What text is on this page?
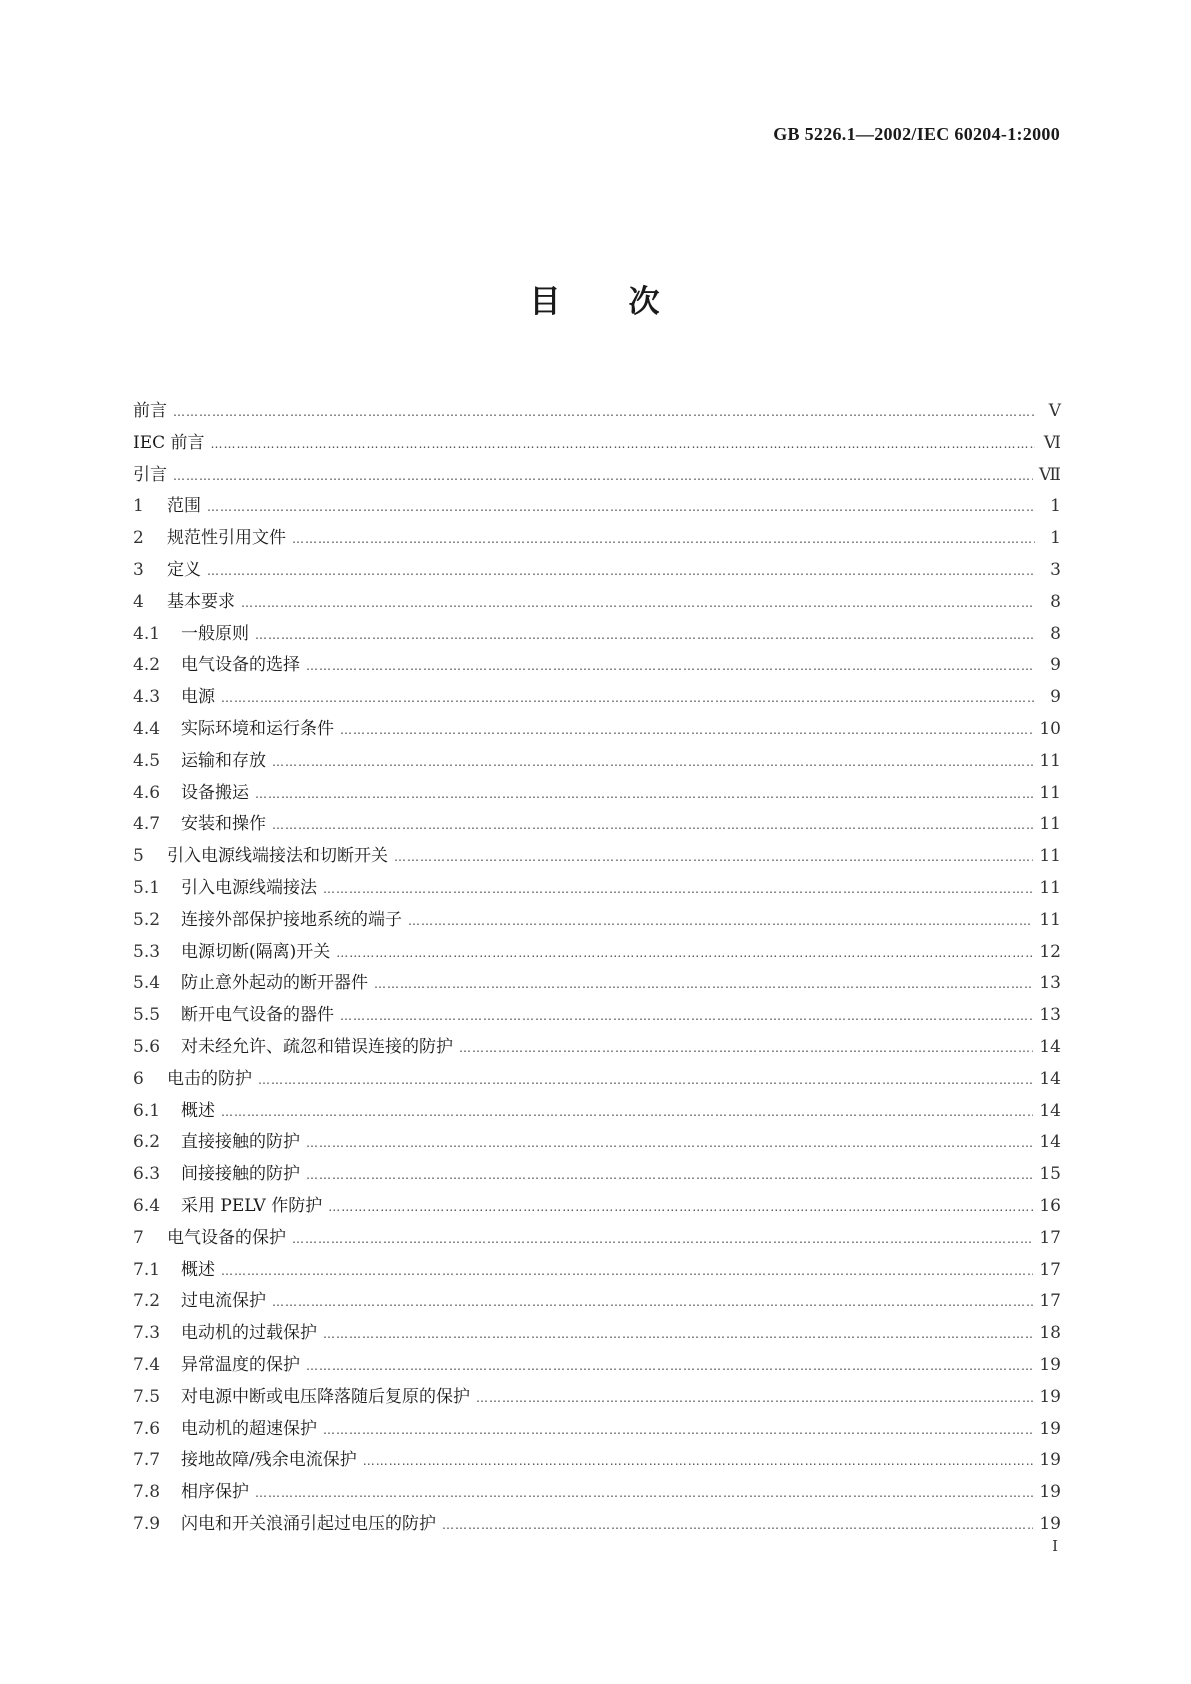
GB 5226.1—2002/IEC 60204-1:2000
目　　次
前言 …………………………………………………………………………………………………………………………………………………………………………………………………………	V
IEC 前言 …………………………………………………………………………………………………………………………………………………………………………………………………………	Ⅵ
引言 …………………………………………………………………………………………………………………………………………………………………………………………………………	Ⅶ
1	范围 …………………………………………………………………………………………………………………………………………………………………………………………………………	1
2	规范性引用文件 …………………………………………………………………………………………………………………………………………………………………………………………………………	1
3	定义 …………………………………………………………………………………………………………………………………………………………………………………………………………	3
4	基本要求 …………………………………………………………………………………………………………………………………………………………………………………………………………	8
4.1	一般原则 …………………………………………………………………………………………………………………………………………………………………………………………………………	8
4.2	电气设备的选择 …………………………………………………………………………………………………………………………………………………………………………………………………………	9
4.3	电源 …………………………………………………………………………………………………………………………………………………………………………………………………………	9
4.4	实际环境和运行条件 …………………………………………………………………………………………………………………………………………………………………………………………………………	10
4.5	运输和存放 …………………………………………………………………………………………………………………………………………………………………………………………………………	11
4.6	设备搬运 …………………………………………………………………………………………………………………………………………………………………………………………………………	11
4.7	安装和操作 …………………………………………………………………………………………………………………………………………………………………………………………………………	11
5	引入电源线端接法和切断开关 …………………………………………………………………………………………………………………………………………………………………………………………………………	11
5.1	引入电源线端接法 …………………………………………………………………………………………………………………………………………………………………………………………………………	11
5.2	连接外部保护接地系统的端子 …………………………………………………………………………………………………………………………………………………………………………………………………………	11
5.3	电源切断(隔离)开关 …………………………………………………………………………………………………………………………………………………………………………………………………………	12
5.4	防止意外起动的断开器件 …………………………………………………………………………………………………………………………………………………………………………………………………………	13
5.5	断开电气设备的器件 …………………………………………………………………………………………………………………………………………………………………………………………………………	13
5.6	对未经允许、疏忽和错误连接的防护 …………………………………………………………………………………………………………………………………………………………………………………………………………	14
6	电击的防护 …………………………………………………………………………………………………………………………………………………………………………………………………………	14
6.1	概述 …………………………………………………………………………………………………………………………………………………………………………………………………………	14
6.2	直接接触的防护 …………………………………………………………………………………………………………………………………………………………………………………………………………	14
6.3	间接接触的防护 …………………………………………………………………………………………………………………………………………………………………………………………………………	15
6.4	采用 PELV 作防护 …………………………………………………………………………………………………………………………………………………………………………………………………………	16
7	电气设备的保护 …………………………………………………………………………………………………………………………………………………………………………………………………………	17
7.1	概述 …………………………………………………………………………………………………………………………………………………………………………………………………………	17
7.2	过电流保护 …………………………………………………………………………………………………………………………………………………………………………………………………………	17
7.3	电动机的过载保护 …………………………………………………………………………………………………………………………………………………………………………………………………………	18
7.4	异常温度的保护 …………………………………………………………………………………………………………………………………………………………………………………………………………	19
7.5	对电源中断或电压降落随后复原的保护 …………………………………………………………………………………………………………………………………………………………………………………………………………	19
7.6	电动机的超速保护 …………………………………………………………………………………………………………………………………………………………………………………………………………	19
7.7	接地故障/残余电流保护 …………………………………………………………………………………………………………………………………………………………………………………………………………	19
7.8	相序保护 …………………………………………………………………………………………………………………………………………………………………………………………………………	19
7.9	闪电和开关浪涌引起过电压的防护 …………………………………………………………………………………………………………………………………………………………………………………………………………	19
I
